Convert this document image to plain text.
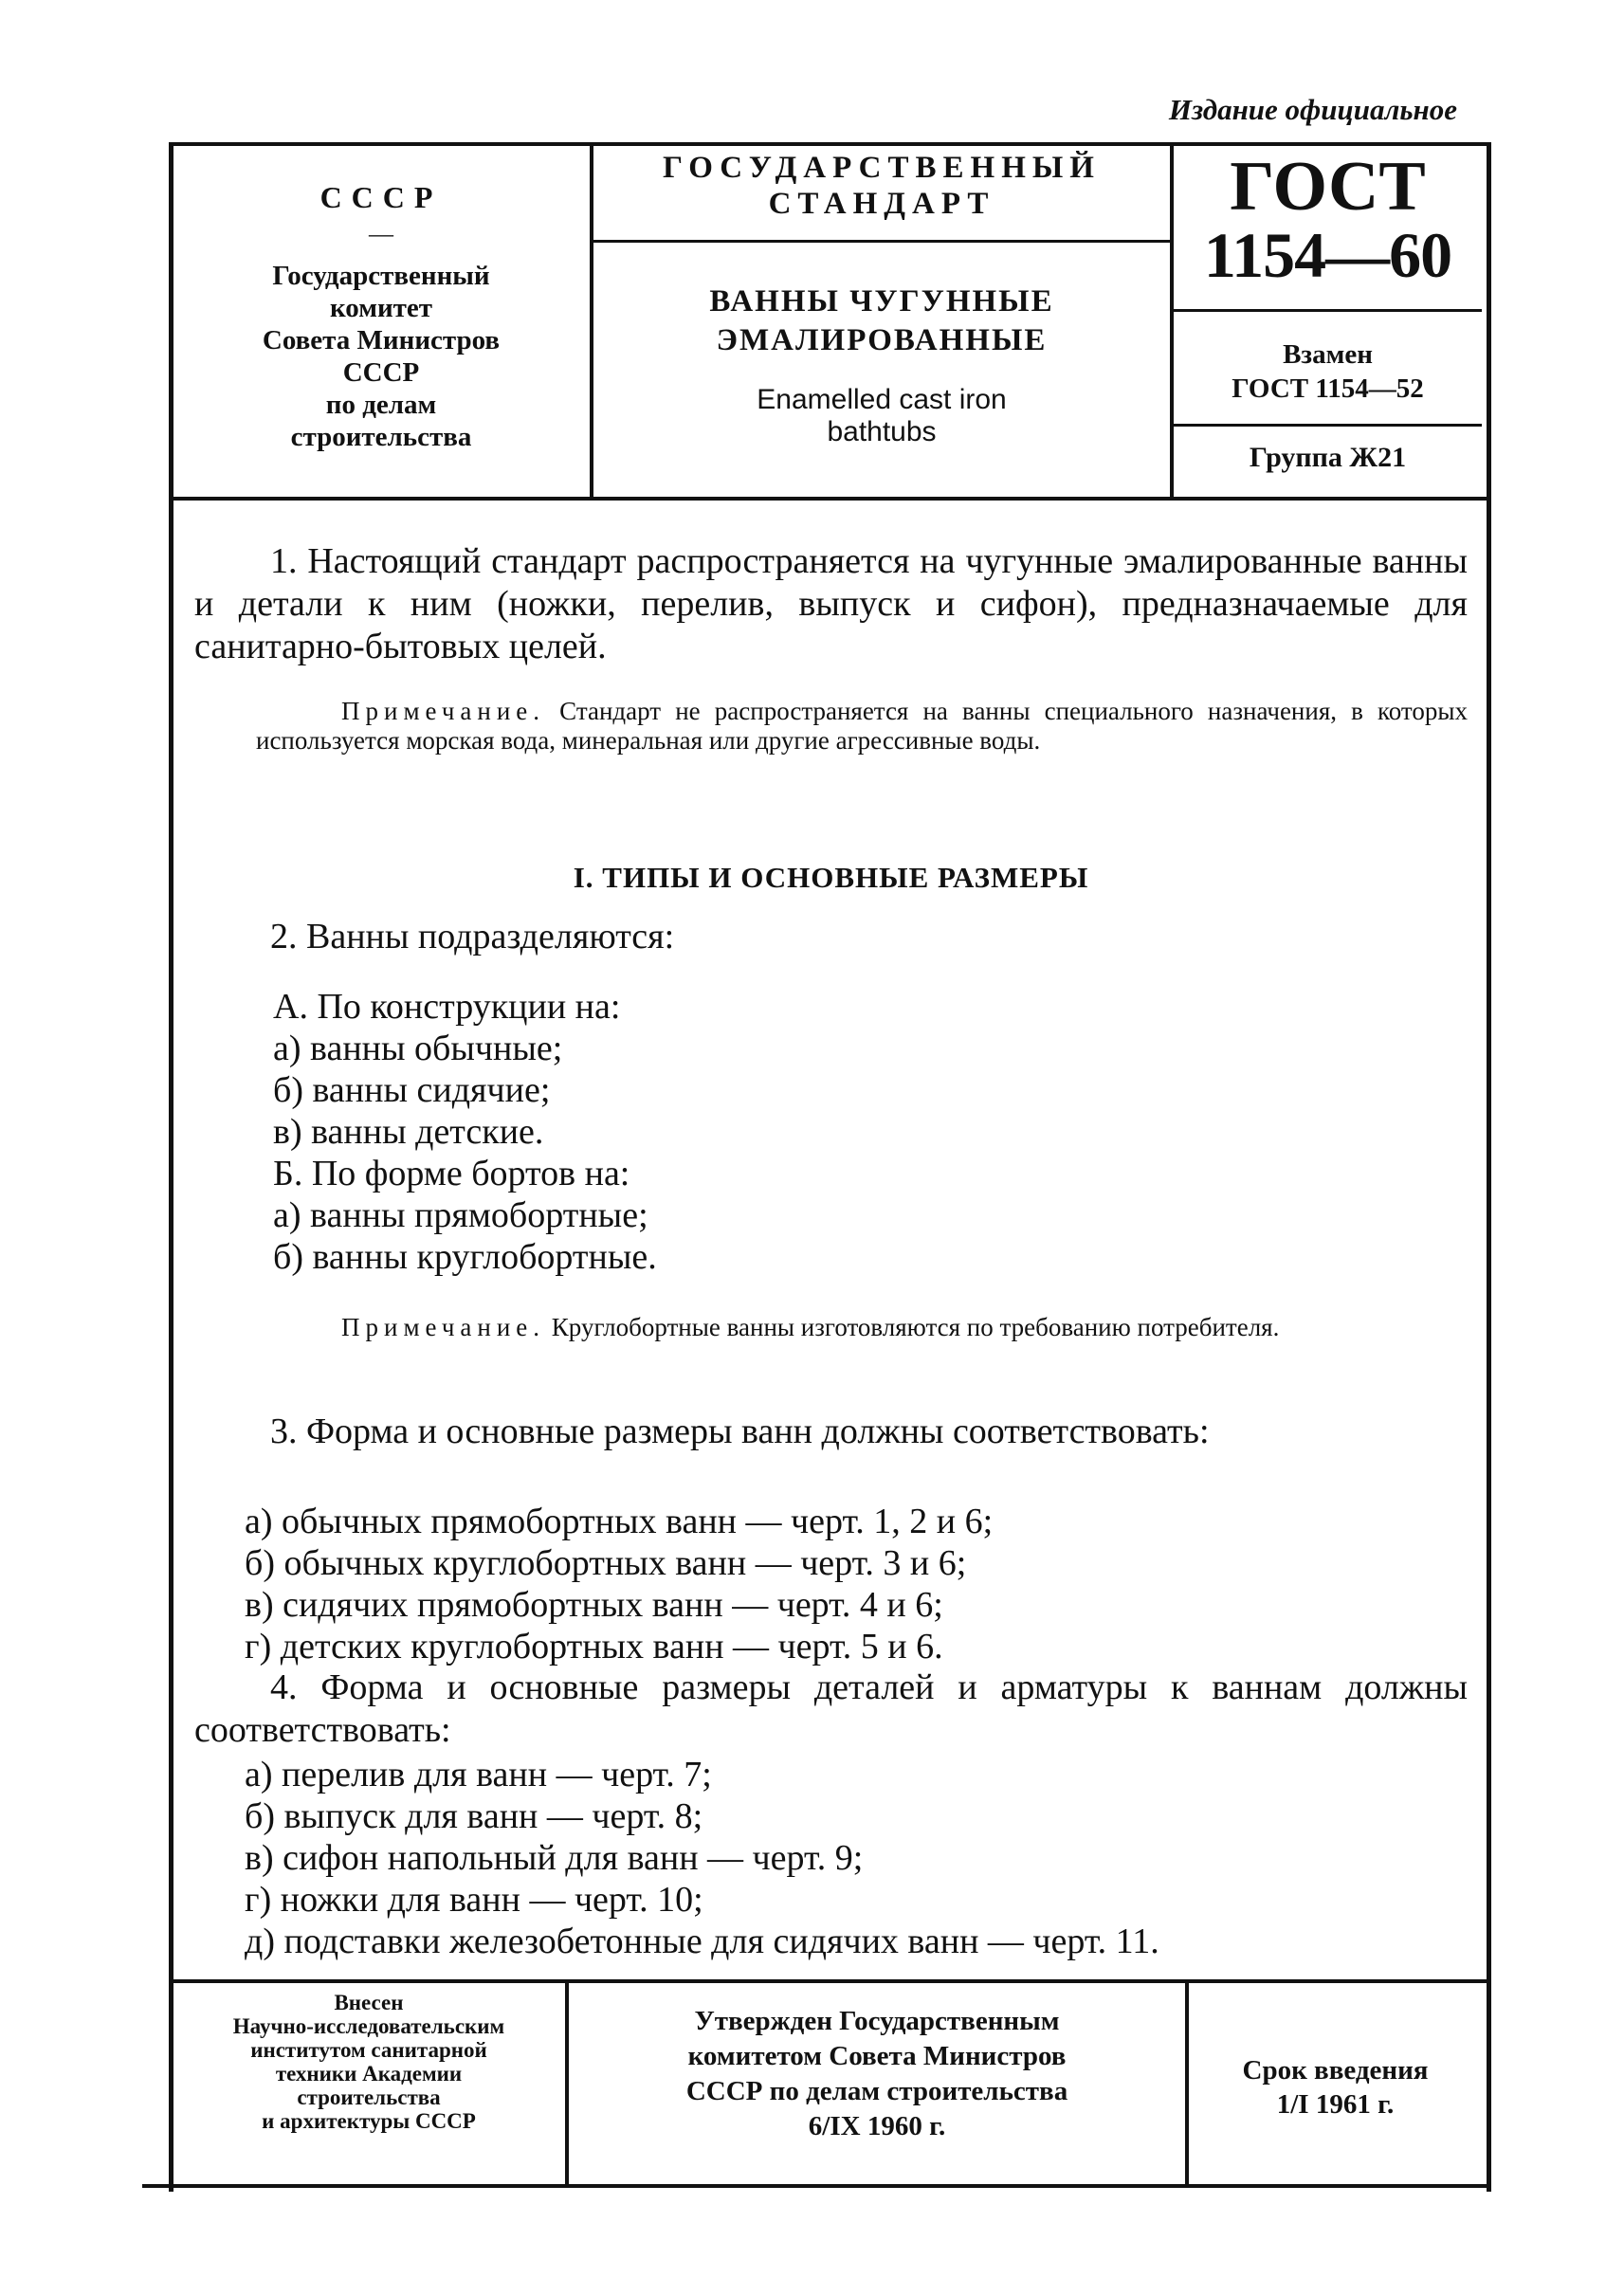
Издание официальное
СССР
—
Государственный
комитет
Совета Министров
СССР
по делам
строительства
ГОСУДАРСТВЕННЫЙ
СТАНДАРТ
ВАННЫ ЧУГУННЫЕ
ЭМАЛИРОВАННЫЕ
Enamelled cast iron
bathtubs
ГОСТ
1154—60
Взамен
ГОСТ 1154—52
Группа Ж21

1. Настоящий стандарт распространяется на чугунные эмалированные ванны и детали к ним (ножки, перелив, выпуск и сифон), предназначаемые для санитарно-бытовых целей.

Примечание. Стандарт не распространяется на ванны специального назначения, в которых используется морская вода, минеральная или другие агрессивные воды.

I. ТИПЫ И ОСНОВНЫЕ РАЗМЕРЫ

2. Ванны подразделяются:

А. По конструкции на:
а) ванны обычные;
б) ванны сидячие;
в) ванны детские.
Б. По форме бортов на:
а) ванны прямобортные;
б) ванны круглобортные.

Примечание. Круглобортные ванны изготовляются по требованию потребителя.

3. Форма и основные размеры ванн должны соответствовать:

а) обычных прямобортных ванн — черт. 1, 2 и 6;
б) обычных круглобортных ванн — черт. 3 и 6;
в) сидячих прямобортных ванн — черт. 4 и 6;
г) детских круглобортных ванн — черт. 5 и 6.

4. Форма и основные размеры деталей и арматуры к ваннам должны соответствовать:

а) перелив для ванн — черт. 7;
б) выпуск для ванн — черт. 8;
в) сифон напольный для ванн — черт. 9;
г) ножки для ванн — черт. 10;
д) подставки железобетонные для сидячих ванн — черт. 11.
Внесен
Научно-исследовательским
институтом санитарной
техники Академии
строительства
и архитектуры СССР
Утвержден Государственным
комитетом Совета Министров
СССР по делам строительства
6/IX 1960 г.
Срок введения
1/I 1961 г.
